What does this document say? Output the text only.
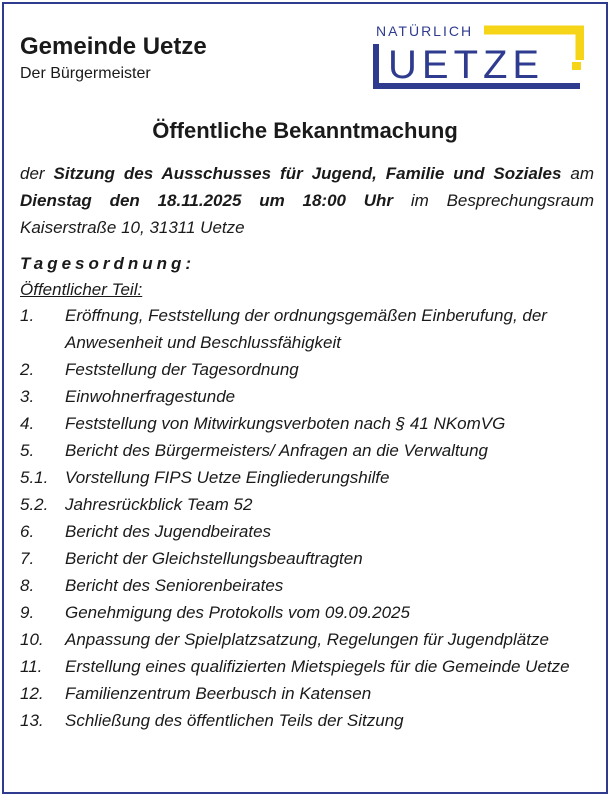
Gemeinde Uetze
Der Bürgermeister
NATÜRLICH
UETZE
Öffentliche Bekanntmachung
der Sitzung des Ausschusses für Jugend, Familie und Soziales am Dienstag den 18.11.2025 um 18:00 Uhr im Besprechungsraum Kaiserstraße 10, 31311 Uetze
Tagesordnung:
Öffentlicher Teil:
1.	Eröffnung, Feststellung der ordnungsgemäßen Einberufung, der Anwesenheit und Beschlussfähigkeit
2.	Feststellung der Tagesordnung
3.	Einwohnerfragestunde
4.	Feststellung von Mitwirkungsverboten nach § 41 NKomVG
5.	Bericht des Bürgermeisters/ Anfragen an die Verwaltung
5.1. Vorstellung FIPS Uetze Eingliederungshilfe
5.2. Jahresrückblick Team 52
6.	Bericht des Jugendbeirates
7.	Bericht der Gleichstellungsbeauftragten
8.	Bericht des Seniorenbeirates
9.	Genehmigung des Protokolls vom 09.09.2025
10.	Anpassung der Spielplatzsatzung, Regelungen für Jugendplätze
11.	Erstellung eines qualifizierten Mietspiegels für die Gemeinde Uetze
12.	Familienzentrum Beerbusch in Katensen
13.	Schließung des öffentlichen Teils der Sitzung
